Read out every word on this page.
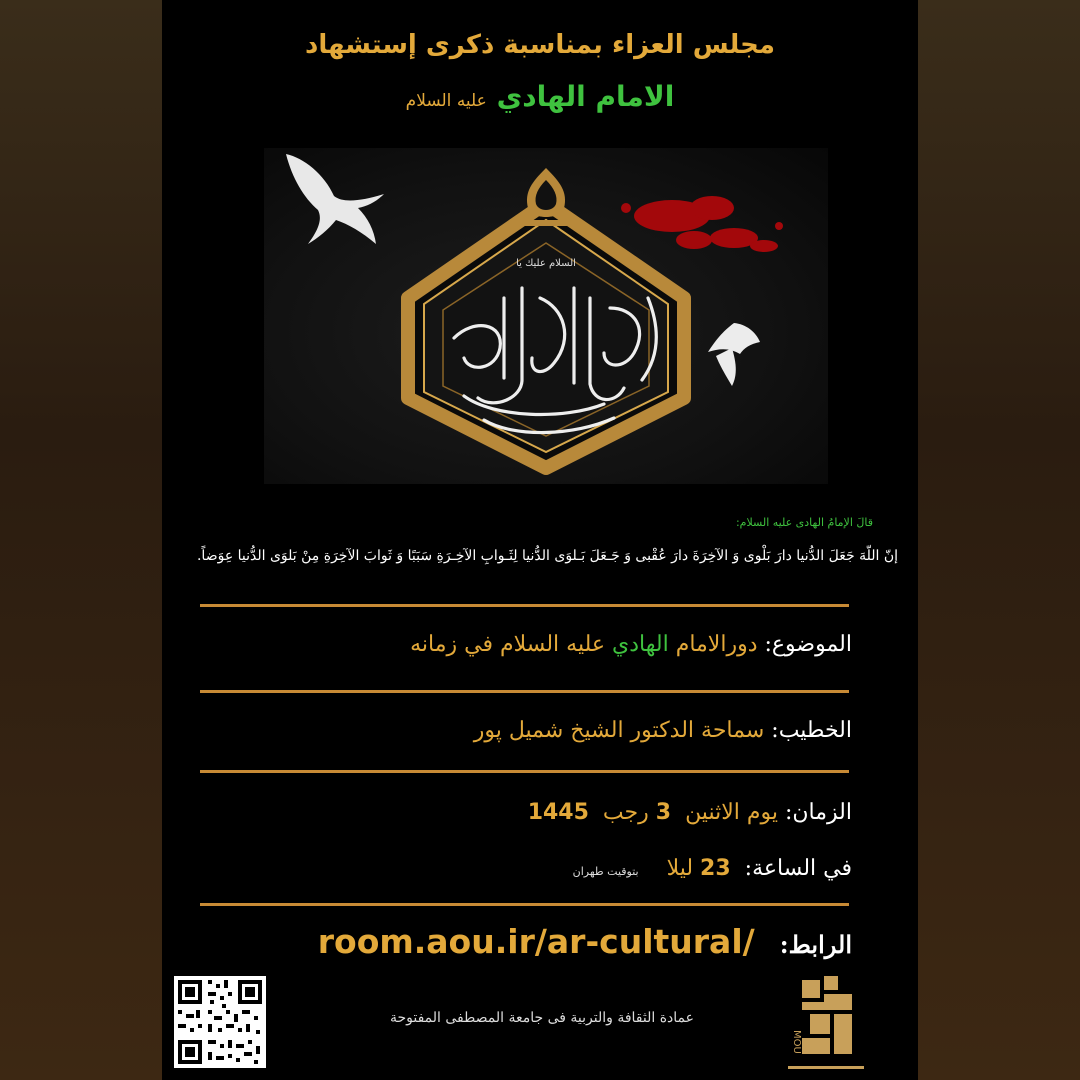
مجلس العزاء بمناسبة ذكرى إستشهاد
الامام الهادي عليه السلام
السلام عليك يا
قالَ الإمامُ الهادی علیه السلام:
إنّ اللّهَ جَعَلَ الدُّنيا دارَ بَلْوى وَ الآخِرَةَ دارَ عُقْبى وَ جَـعَلَ بَـلوَى الدُّنيا لِثَـوابِ الآخِـرَةِ سَبَبًا وَ ثَوابَ الآخِرَةِ مِنْ بَلوَى الدُّنيا عِوَضاً.
الموضوع: دورالامام الهادي عليه السلام في زمانه
الخطيب: سماحة الدكتور الشيخ شميل پور
الزمان: يوم الاثنين  3 رجب  1445
في الساعة:  23 ليلا    بتوقيت طهران
الرابط: room.aou.ir/ar-cultural/
عمادة الثقافة والتربية فی جامعة المصطفی المفتوحة
MOU
